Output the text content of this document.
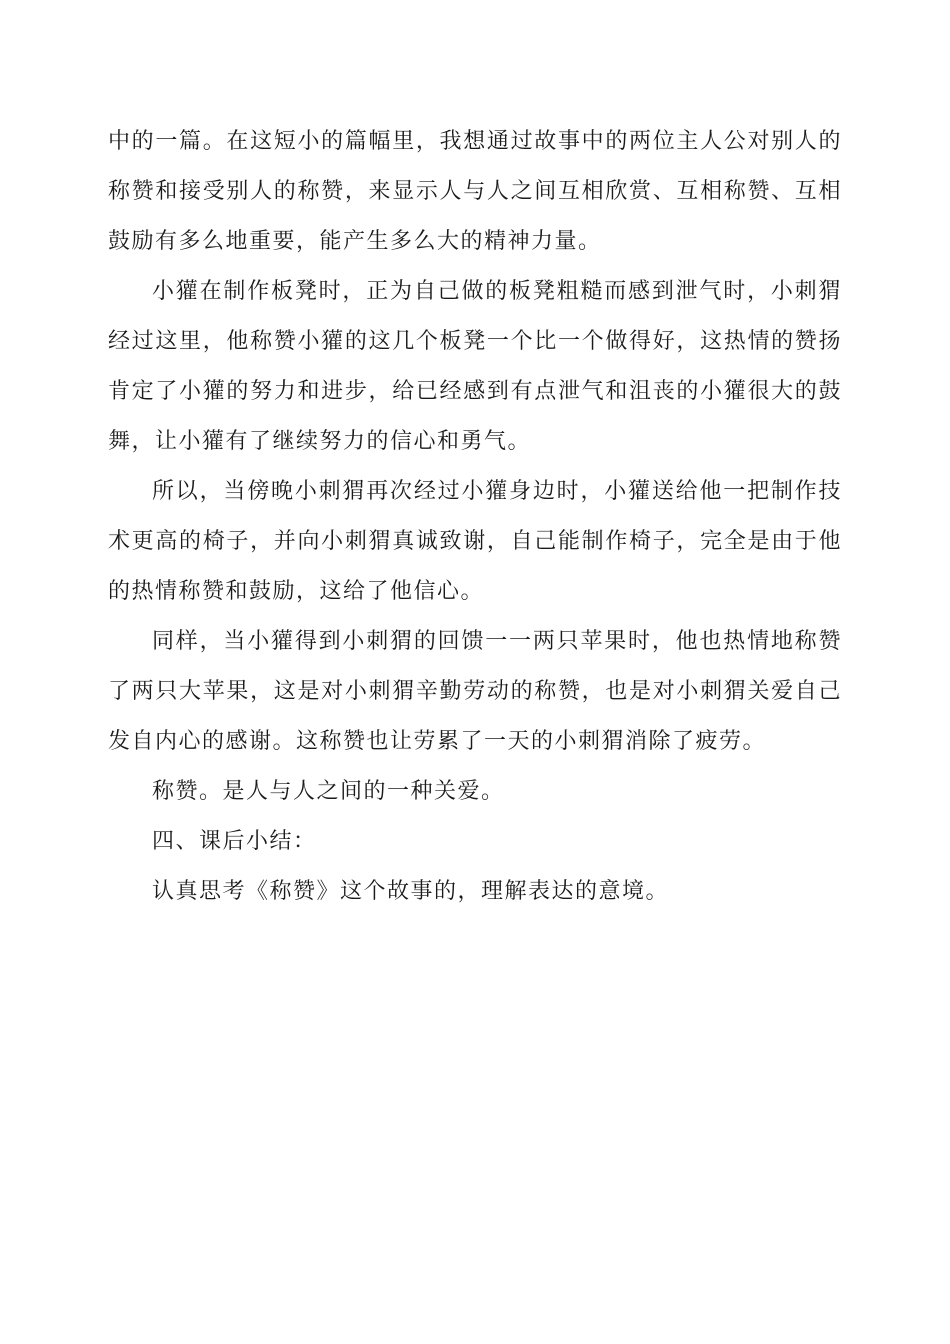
中的一篇。在这短小的篇幅里，我想通过故事中的两位主人公对别人的称赞和接受别人的称赞，来显示人与人之间互相欣赏、互相称赞、互相鼓励有多么地重要，能产生多么大的精神力量。

小獾在制作板凳时，正为自己做的板凳粗糙而感到泄气时，小刺猬经过这里，他称赞小獾的这几个板凳一个比一个做得好，这热情的赞扬肯定了小獾的努力和进步，给已经感到有点泄气和沮丧的小獾很大的鼓舞，让小獾有了继续努力的信心和勇气。

所以，当傍晚小刺猬再次经过小獾身边时，小獾送给他一把制作技术更高的椅子，并向小刺猬真诚致谢，自己能制作椅子，完全是由于他的热情称赞和鼓励，这给了他信心。

同样，当小獾得到小刺猬的回馈一一两只苹果时，他也热情地称赞了两只大苹果，这是对小刺猬辛勤劳动的称赞，也是对小刺猬关爱自己发自内心的感谢。这称赞也让劳累了一天的小刺猬消除了疲劳。

称赞。是人与人之间的一种关爱。

四、课后小结：

认真思考《称赞》这个故事的，理解表达的意境。
